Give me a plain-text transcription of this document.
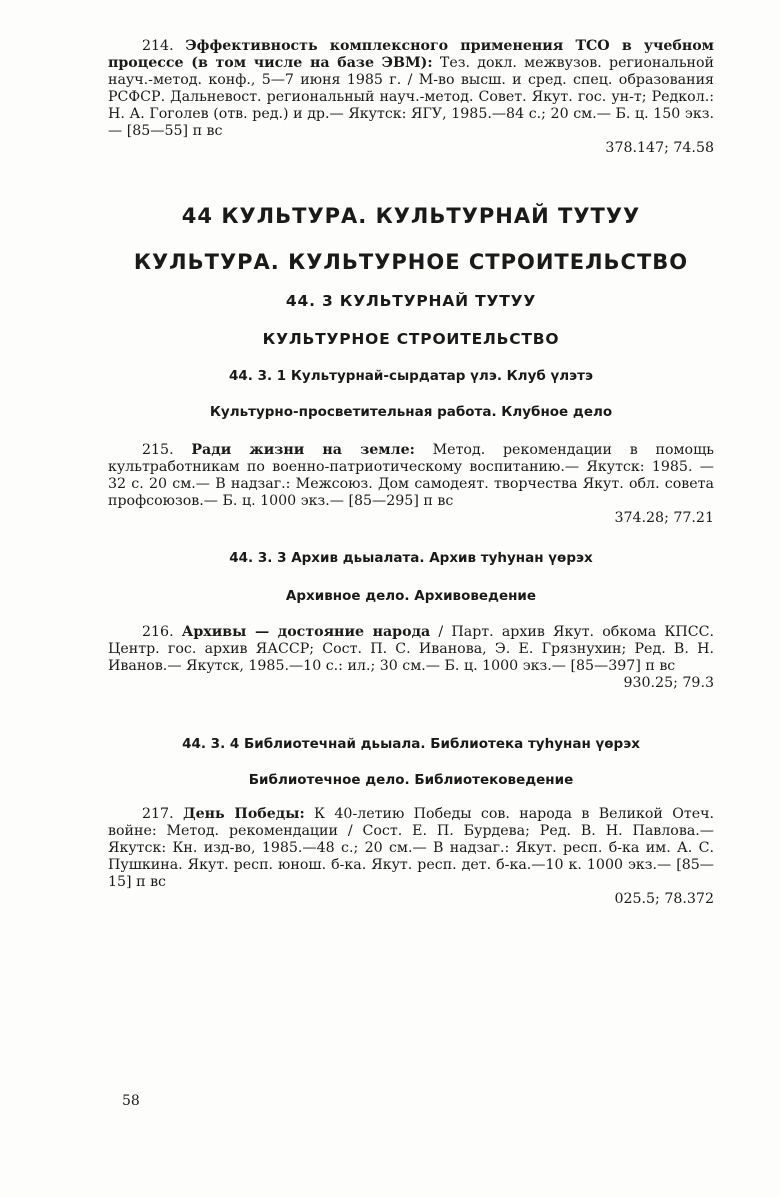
214. Эффективность комплексного применения ТСО в учебном процессе (в том числе на базе ЭВМ): Тез. докл. межвузов. региональной науч.-метод. конф., 5—7 июня 1985 г. / М-во высш. и сред. спец. образования РСФСР. Дальневост. региональный науч.-метод. Совет. Якут. гос. ун-т; Редкол.: Н. А. Гоголев (отв. ред.) и др.— Якутск: ЯГУ, 1985.—84 с.; 20 см.— Б. ц. 150 экз.— [85—55] п вс

378.147; 74.58

44 КУЛЬТУРА. КУЛЬТУРНАЙ ТУТУУ

КУЛЬТУРА. КУЛЬТУРНОЕ СТРОИТЕЛЬСТВО

44. 3 КУЛЬТУРНАЙ ТУТУУ

КУЛЬТУРНОЕ СТРОИТЕЛЬСТВО

44. 3. 1 Культурнай-сырдатар үлэ. Клуб үлэтэ

Культурно-просветительная работа. Клубное дело

215. Ради жизни на земле: Метод. рекомендации в помощь культработникам по военно-патриотическому воспитанию.— Якутск: 1985. — 32 с. 20 см.— В надзаг.: Межсоюз. Дом самодеят. творчества Якут. обл. совета профсоюзов.— Б. ц. 1000 экз.— [85—295] п вс

374.28; 77.21

44. 3. 3 Архив дьыалата. Архив туһунан үөрэх

Архивное дело. Архивоведение

216. Архивы — достояние народа / Парт. архив Якут. обкома КПСС. Центр. гос. архив ЯАССР; Сост. П. С. Иванова, Э. Е. Грязнухин; Ред. В. Н. Иванов.— Якутск, 1985.—10 с.: ил.; 30 см.— Б. ц. 1000 экз.— [85—397] п вс

930.25; 79.3

44. 3. 4 Библиотечнай дьыала. Библиотека туһунан үөрэх

Библиотечное дело. Библиотековедение

217. День Победы: К 40-летию Победы сов. народа в Великой Отеч. войне: Метод. рекомендации / Сост. Е. П. Бурдева; Ред. В. Н. Павлова.— Якутск: Кн. изд-во, 1985.—48 с.; 20 см.— В надзаг.: Якут. респ. б-ка им. А. С. Пушкина. Якут. респ. юнош. б-ка. Якут. респ. дет. б-ка.—10 к. 1000 экз.— [85—15] п вс

025.5; 78.372

58
